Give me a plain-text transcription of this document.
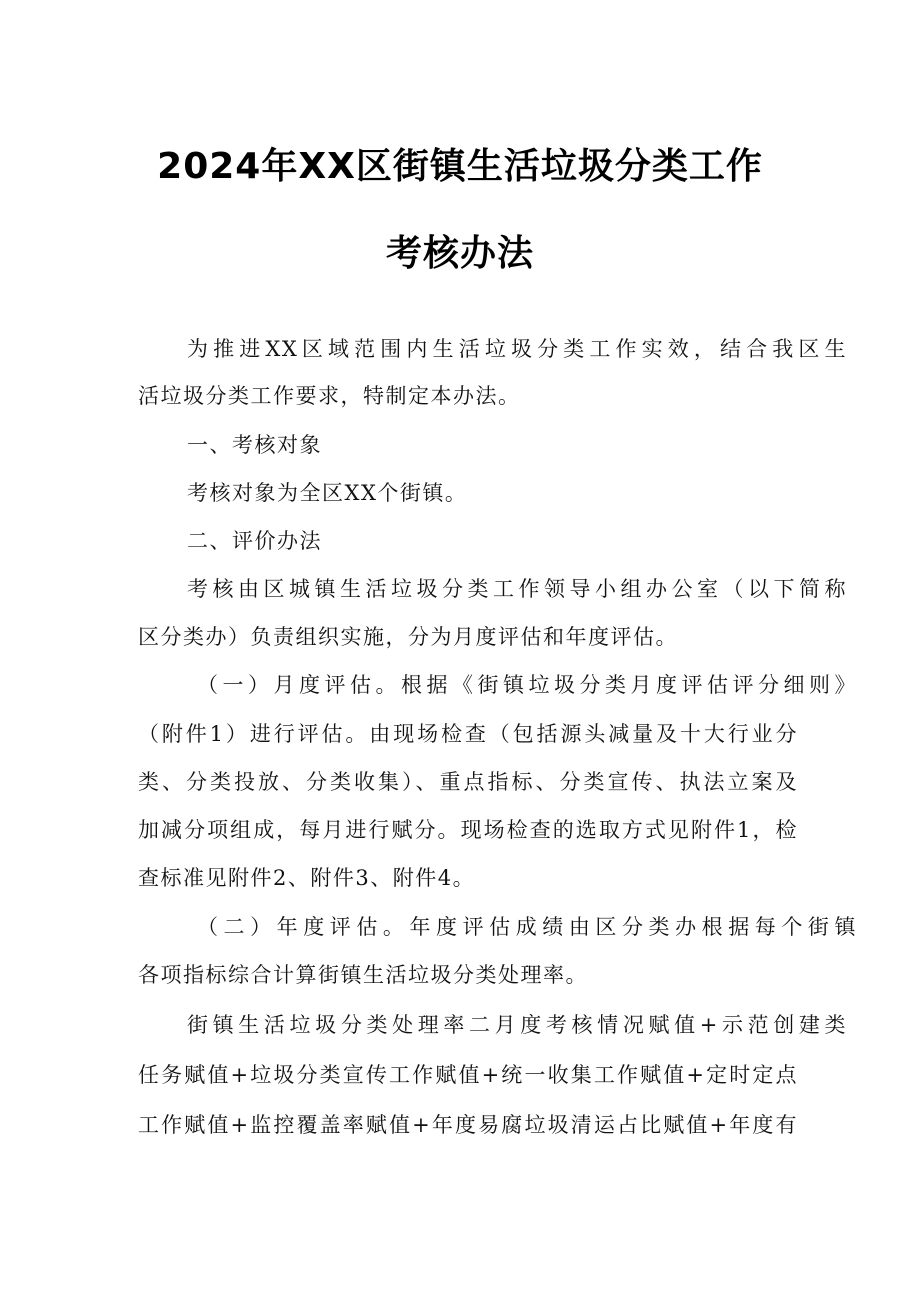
2024年XX区街镇生活垃圾分类工作
考核办法
为推进XX区域范围内生活垃圾分类工作实效，结合我区生
活垃圾分类工作要求，特制定本办法。
一、考核对象
考核对象为全区XX个街镇。
二、评价办法
考核由区城镇生活垃圾分类工作领导小组办公室（以下简称
区分类办）负责组织实施，分为月度评估和年度评估。
（一）月度评估。根据《街镇垃圾分类月度评估评分细则》
（附件1）进行评估。由现场检查（包括源头减量及十大行业分
类、分类投放、分类收集）、重点指标、分类宣传、执法立案及
加减分项组成，每月进行赋分。现场检查的选取方式见附件1，检
查标准见附件2、附件3、附件4。
（二）年度评估。年度评估成绩由区分类办根据每个街镇
各项指标综合计算街镇生活垃圾分类处理率。
街镇生活垃圾分类处理率二月度考核情况赋值+示范创建类
任务赋值+垃圾分类宣传工作赋值+统一收集工作赋值+定时定点
工作赋值+监控覆盖率赋值+年度易腐垃圾清运占比赋值+年度有
